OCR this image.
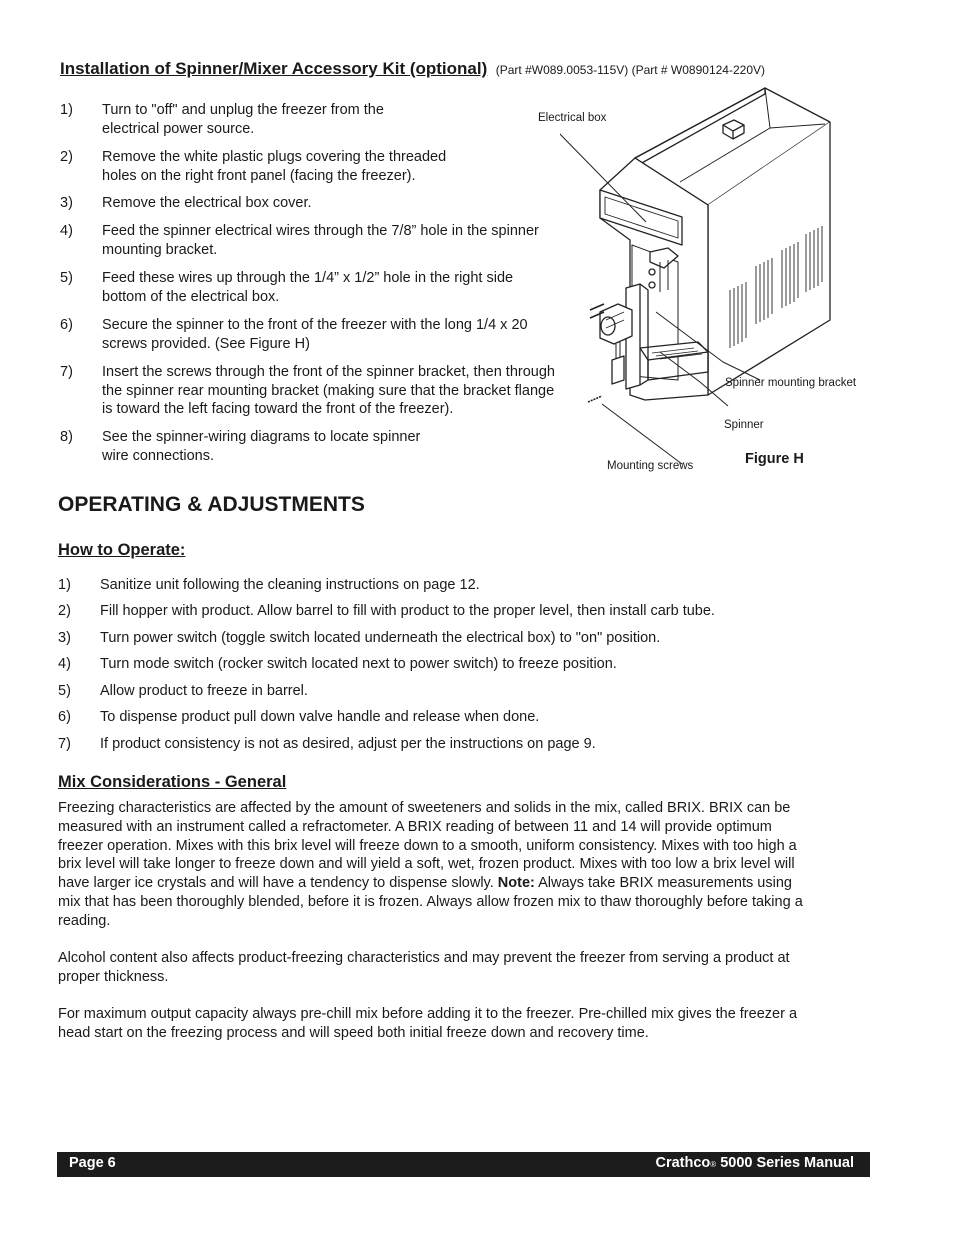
Installation of Spinner/Mixer Accessory Kit (optional) (Part #W089.0053-115V) (Part # W0890124-220V)
1) Turn to "off" and unplug the freezer from the
electrical power source.
2) Remove the white plastic plugs covering the threaded
holes on the right front panel (facing the freezer).
3) Remove the electrical box cover.
4) Feed the spinner electrical wires through the 7/8” hole in the spinner
mounting bracket.
5) Feed these wires up through the 1/4” x 1/2” hole in the right side
bottom of the electrical box.
6) Secure the spinner to the front of the freezer with the long 1/4 x 20
screws provided. (See Figure H)
7) Insert the screws through the front of the spinner bracket, then through
the spinner rear mounting bracket (making sure that the bracket flange
is toward the left facing toward the front of the freezer).
8) See the spinner-wiring diagrams to locate spinner
wire connections.
Electrical box
Spinner mounting bracket
Spinner
Mounting screws	Figure H
OPERATING & ADJUSTMENTS
How to Operate:
1) Sanitize unit following the cleaning instructions on page 12.
2) Fill hopper with product. Allow barrel to fill with product to the proper level, then install carb tube.
3) Turn power switch (toggle switch located underneath the electrical box) to "on" position.
4) Turn mode switch (rocker switch located next to power switch) to freeze position.
5) Allow product to freeze in barrel.
6) To dispense product pull down valve handle and release when done.
7) If product consistency is not as desired, adjust per the instructions on page 9.
Mix Considerations - General
Freezing characteristics are affected by the amount of sweeteners and solids in the mix, called BRIX. BRIX can be
measured with an instrument called a refractometer. A BRIX reading of between 11 and 14 will provide optimum
freezer operation. Mixes with this brix level will freeze down to a smooth, uniform consistency. Mixes with too high a
brix level will take longer to freeze down and will yield a soft, wet, frozen product. Mixes with too low a brix level will
have larger ice crystals and will have a tendency to dispense slowly. Note: Always take BRIX measurements using
mix that has been thoroughly blended, before it is frozen. Always allow frozen mix to thaw thoroughly before taking a
reading.
Alcohol content also affects product-freezing characteristics and may prevent the freezer from serving a product at
proper thickness.
For maximum output capacity always pre-chill mix before adding it to the freezer. Pre-chilled mix gives the freezer a
head start on the freezing process and will speed both initial freeze down and recovery time.
Page 6	Crathco® 5000 Series Manual
